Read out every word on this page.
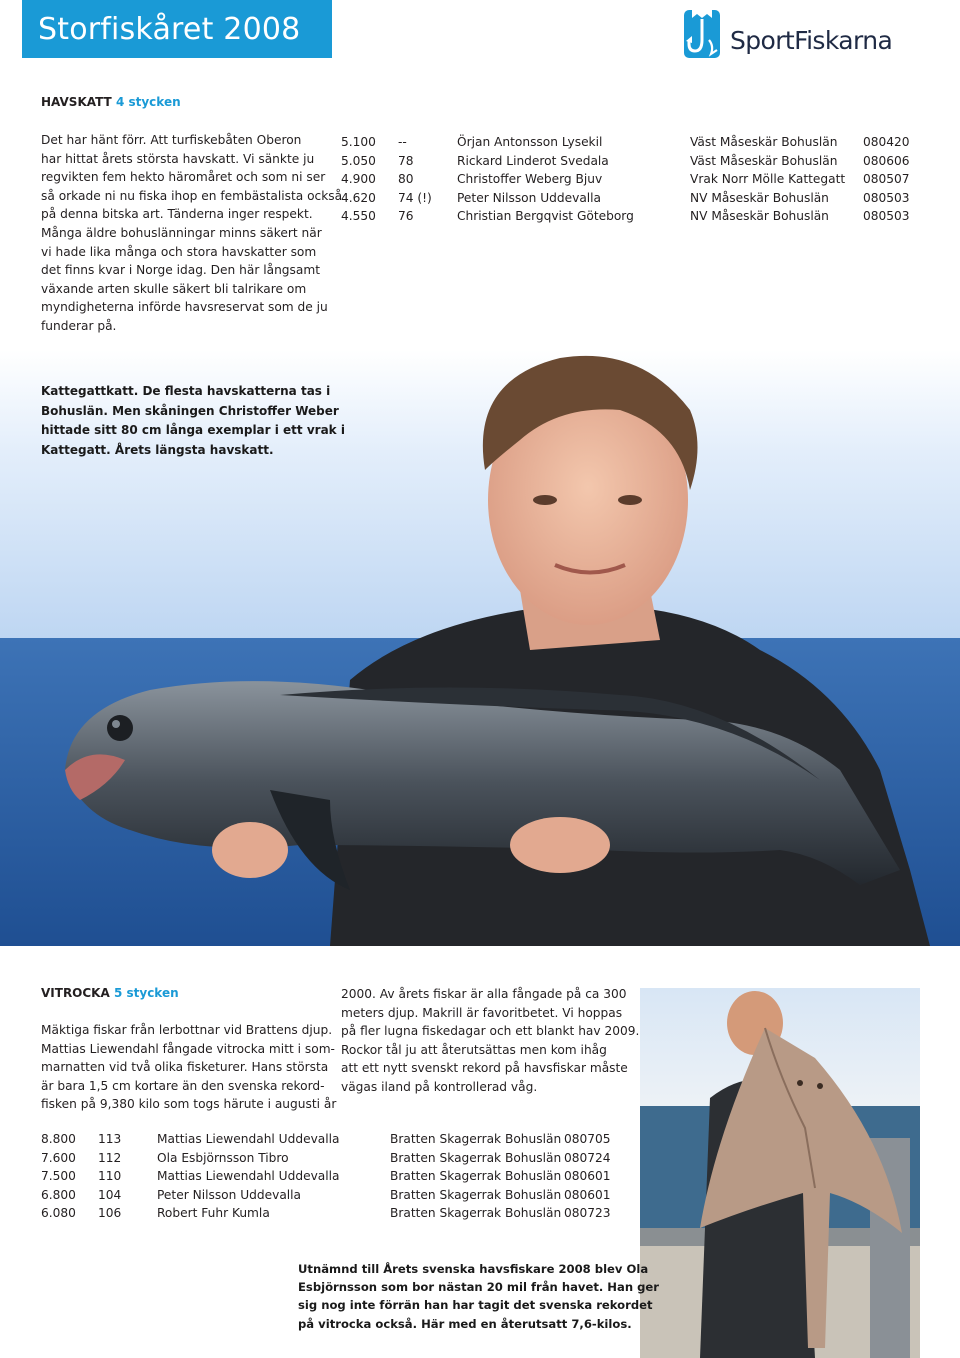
Storfiskåret 2008	SportFiskarna
HAVSKATT 4 stycken
Det har hänt förr. Att turfiskebåten Oberon
har hittat årets största havskatt. Vi sänkte ju
regvikten fem hekto häromåret och som ni ser
så orkade ni nu fiska ihop en fembästalista också
på denna bitska art. Tänderna inger respekt.
Många äldre bohuslänningar minns säkert när
vi hade lika många och stora havskatter som
det finns kvar i Norge idag. Den här långsamt
växande arten skulle säkert bli talrikare om
myndigheterna införde havsreservat som de ju
funderar på.
5.100 --	Örjan Antonsson Lysekil	Väst Måseskär Bohuslän 080420
5.050 78	Rickard Linderot Svedala	Väst Måseskär Bohuslän 080606
4.900 80	Christoffer Weberg Bjuv	Vrak Norr Mölle Kattegatt 080507
4.620 74 (!) Peter Nilsson Uddevalla	NV Måseskär Bohuslän	080503
4.550 76	Christian Bergqvist Göteborg	NV Måseskär Bohuslän	080503
Kattegattkatt. De flesta havskatterna tas i
Bohuslän. Men skåningen Christoffer Weber
hittade sitt 80 cm långa exemplar i ett vrak i
Kattegatt. Årets längsta havskatt.
VITROCKA 5 stycken
Mäktiga fiskar från lerbottnar vid Brattens djup.
Mattias Liewendahl fångade vitrocka mitt i som-
marnatten vid två olika fisketurer. Hans största
är bara 1,5 cm kortare än den svenska rekord-
fisken på 9,380 kilo som togs härute i augusti år
2000. Av årets fiskar är alla fångade på ca 300
meters djup. Makrill är favoritbetet. Vi hoppas
på fler lugna fiskedagar och ett blankt hav 2009.
Rockor tål ju att återutsättas men kom ihåg
att ett nytt svenskt rekord på havsfiskar måste
vägas iland på kontrollerad våg.
8.800 113	Mattias Liewendahl Uddevalla	Bratten Skagerrak Bohuslän 080705
7.600 112	Ola Esbjörnsson Tibro	Bratten Skagerrak Bohuslän 080724
7.500 110	Mattias Liewendahl Uddevalla	Bratten Skagerrak Bohuslän 080601
6.800 104	Peter Nilsson Uddevalla	Bratten Skagerrak Bohuslän 080601
6.080 106	Robert Fuhr Kumla	Bratten Skagerrak Bohuslän 080723
Utnämnd till Årets svenska havsfiskare 2008 blev Ola
Esbjörnsson som bor nästan 20 mil från havet. Han ger
sig nog inte förrän han har tagit det svenska rekordet
på vitrocka också. Här med en återutsatt 7,6-kilos.
